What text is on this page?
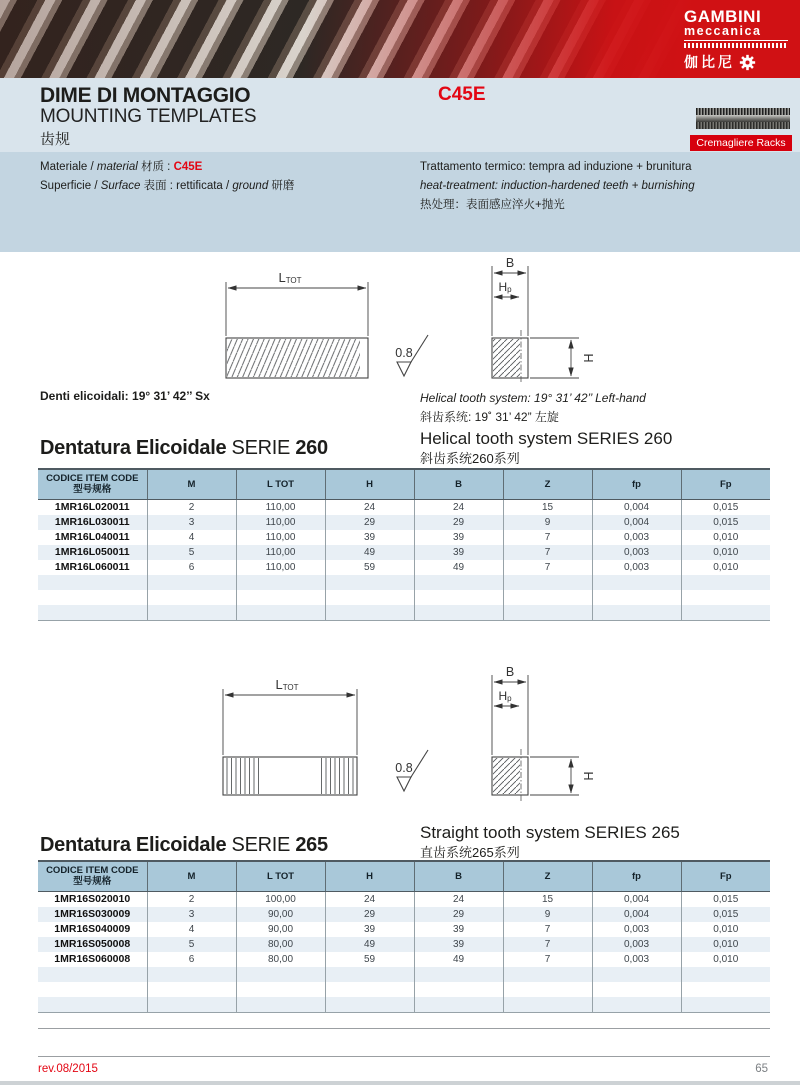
GAMBINI
meccanica
伽比尼
DIME DI MONTAGGIO
MOUNTING TEMPLATES
齿规
C45E
Cremagliere Racks
Materiale / material 材质 : C45E
Superficie / Surface 表面 : rettificata / ground 研磨
Trattamento termico: tempra ad induzione + brunitura
heat-treatment: induction-hardened teeth + burnishing
热处理：表面感应淬火+抛光
LTOT
0.8
B
Hp
H
Denti elicoidali: 19° 31’ 42’’ Sx	Helical tooth system: 19° 31’ 42’’ Left-hand
斜齿系统: 19˚ 31’ 42” 左旋
Dentatura Elicoidale SERIE 260	Helical tooth system SERIES 260
斜齿系统260系列
CODICE ITEM CODE
型号规格	M	L TOT	H	B	Z	fp	Fp
1MR16L020011	2	110,00	24	24	15	0,004	0,015
1MR16L030011	3	110,00	29	29	9	0,004	0,015
1MR16L040011	4	110,00	39	39	7	0,003	0,010
1MR16L050011	5	110,00	49	39	7	0,003	0,010
1MR16L060011	6	110,00	59	49	7	0,003	0,010

LTOT
0.8
B
Hp
H
Dentatura Elicoidale SERIE 265
Straight tooth system SERIES 265
直齿系统265系列
CODICE ITEM CODE
型号规格	M	L TOT	H	B	Z	fp	Fp
1MR16S020010	2	100,00	24	24	15	0,004	0,015
1MR16S030009	3	90,00	29	29	9	0,004	0,015
1MR16S040009	4	90,00	39	39	7	0,003	0,010
1MR16S050008	5	80,00	49	39	7	0,003	0,010
1MR16S060008	6	80,00	59	49	7	0,003	0,010

rev.08/2015	65
